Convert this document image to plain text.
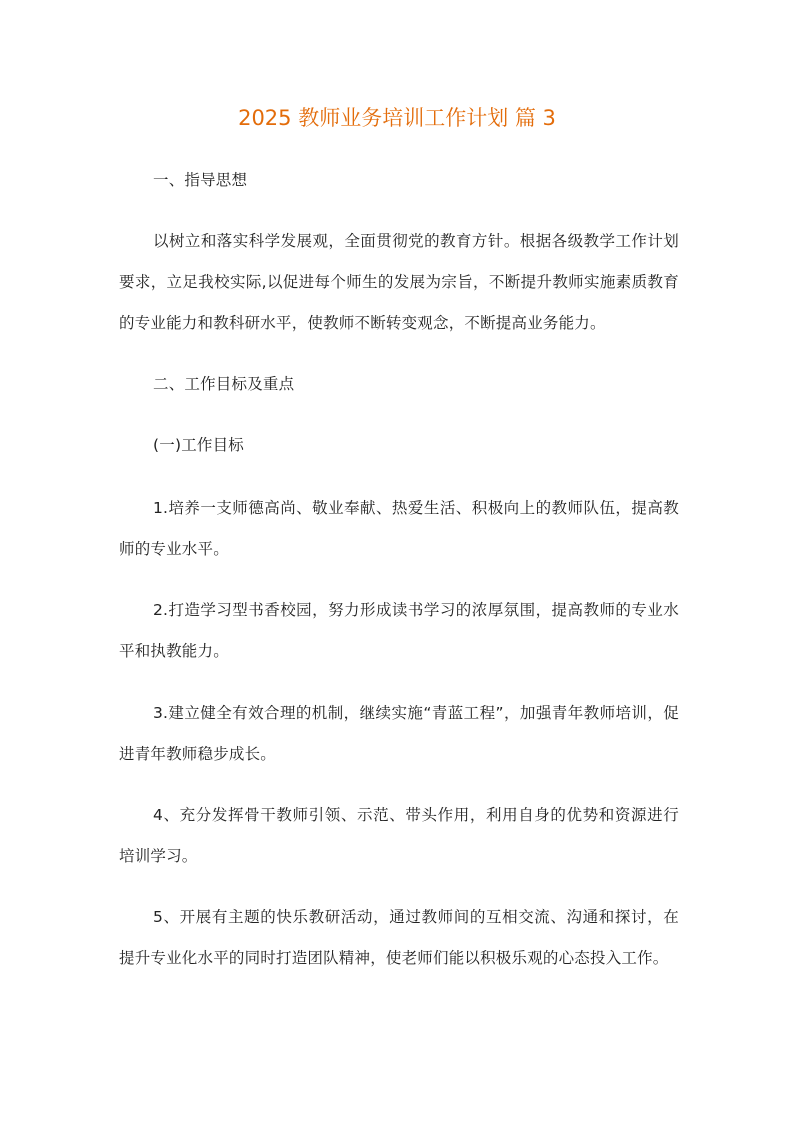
2025 教师业务培训工作计划 篇 3

一、指导思想

以树立和落实科学发展观，全面贯彻党的教育方针。根据各级教学工作计划要求，立足我校实际,以促进每个师生的发展为宗旨，不断提升教师实施素质教育的专业能力和教科研水平，使教师不断转变观念，不断提高业务能力。

二、工作目标及重点

(一)工作目标

1.培养一支师德高尚、敬业奉献、热爱生活、积极向上的教师队伍，提高教师的专业水平。

2.打造学习型书香校园，努力形成读书学习的浓厚氛围，提高教师的专业水平和执教能力。

3.建立健全有效合理的机制，继续实施“青蓝工程”，加强青年教师培训，促进青年教师稳步成长。

4、充分发挥骨干教师引领、示范、带头作用，利用自身的优势和资源进行培训学习。

5、开展有主题的快乐教研活动，通过教师间的互相交流、沟通和探讨，在提升专业化水平的同时打造团队精神，使老师们能以积极乐观的心态投入工作。
